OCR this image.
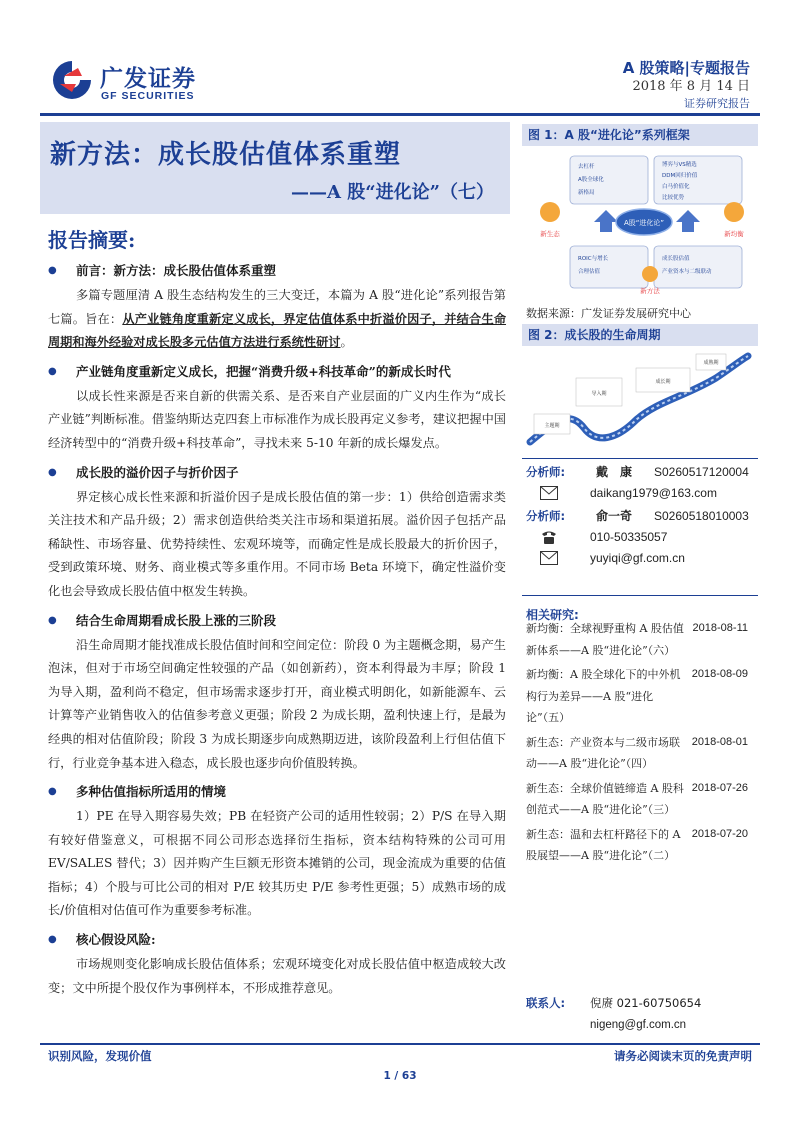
广发证券
GF SECURITIES
A 股策略|专题报告
2018 年 8 月 14 日
证券研究报告
新方法：成长股估值体系重塑
——A 股“进化论”（七）
报告摘要:
● 前言：新方法：成长股估值体系重塑
多篇专题厘清 A 股生态结构发生的三大变迁，本篇为 A 股“进化论”系列报告第七篇。旨在：从产业链角度重新定义成长，界定估值体系中折溢价因子，并结合生命周期和海外经验对成长股多元估值方法进行系统性研讨。
● 产业链角度重新定义成长，把握“消费升级+科技革命”的新成长时代
以成长性来源是否来自新的供需关系、是否来自产业层面的广义内生作为“成长产业链”判断标准。借鉴纳斯达克四套上市标准作为成长股再定义参考，建议把握中国经济转型中的“消费升级+科技革命”，寻找未来 5-10 年新的成长爆发点。
● 成长股的溢价因子与折价因子
界定核心成长性来源和折溢价因子是成长股估值的第一步：1）供给创造需求类关注技术和产品升级；2）需求创造供给类关注市场和渠道拓展。溢价因子包括产品稀缺性、市场容量、优势持续性、宏观环境等，而确定性是成长股最大的折价因子，受到政策环境、财务、商业模式等多重作用。不同市场 Beta 环境下，确定性溢价变化也会导致成长股估值中枢发生转换。
● 结合生命周期看成长股上涨的三阶段
沿生命周期才能找准成长股估值时间和空间定位：阶段 0 为主题概念期，易产生泡沫，但对于市场空间确定性较强的产品（如创新药），资本利得最为丰厚；阶段 1 为导入期，盈利尚不稳定，但市场需求逐步打开，商业模式明朗化，如新能源车、云计算等产业销售收入的估值参考意义更强；阶段 2 为成长期，盈利快速上行，是最为经典的相对估值阶段；阶段 3 为成长期逐步向成熟期迈进，该阶段盈利上行但估值下行，行业竞争基本进入稳态，成长股也逐步向价值股转换。
● 多种估值指标所适用的情境
1）PE 在导入期容易失效；PB 在轻资产公司的适用性较弱；2）P/S 在导入期有较好借鉴意义，可根据不同公司形态选择衍生指标，资本结构特殊的公司可用 EV/SALES 替代；3）因并购产生巨额无形资本摊销的公司，现金流成为重要的估值指标；4）个股与可比公司的相对 P/E 较其历史 P/E 参考性更强；5）成熟市场的成长/价值相对估值可作为重要参考标准。
● 核心假设风险:
市场规则变化影响成长股估值体系；宏观环境变化对成长股估值中枢造成较大改变；文中所提个股仅作为事例样本，不形成推荐意见。
图 1：A 股“进化论”系列框架
去杠杆
A股全球化
新格局
博弈与VS精选
DDM回归价值
白马价值化
比较优势
ROIC与增长
合理估值
成长股估值
产业资本与二级联动
A股“进化论”
新生态	新均衡
新方法
数据来源：广发证券发展研究中心
图 2：成长股的生命周期
主题期
导入期
成长期
成熟期
分析师:	戴　康 S0260517120004
daikang1979@163.com
分析师:	俞一奇 S0260518010003
010-50335057
yuyiqi@gf.com.cn
相关研究:
新均衡：全球视野重构 A 股估值新体系——A 股“进化论”（六）
2018-08-11
新均衡：A 股全球化下的中外机构行为差异——A 股“进化论”（五）
2018-08-09
新生态：产业资本与二级市场联动——A 股“进化论”（四）
2018-08-01
新生态：全球价值链缔造 A 股科创范式——A 股“进化论”（三）
2018-07-26
新生态：温和去杠杆路径下的 A 股展望——A 股“进化论”（二）
2018-07-20
联系人: 倪赓 021-60750654
nigeng@gf.com.cn
识别风险，发现价值	请务必阅读末页的免责声明
1 / 63
